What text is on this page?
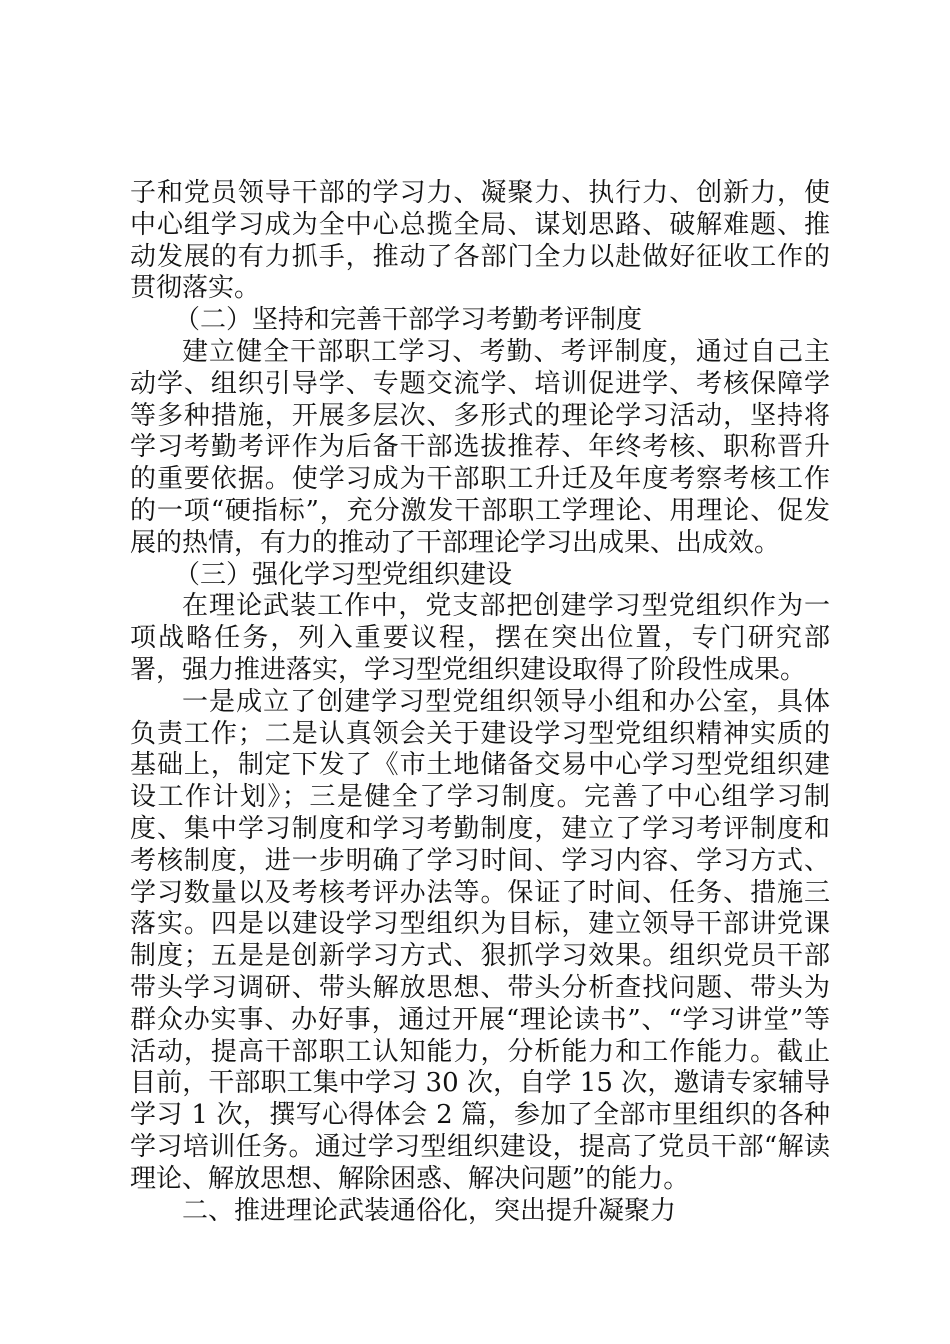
子和党员领导干部的学习力、凝聚力、执行力、创新力，使中心组学习成为全中心总揽全局、谋划思路、破解难题、推动发展的有力抓手，推动了各部门全力以赴做好征收工作的贯彻落实。

（二）坚持和完善干部学习考勤考评制度

建立健全干部职工学习、考勤、考评制度，通过自己主动学、组织引导学、专题交流学、培训促进学、考核保障学等多种措施，开展多层次、多形式的理论学习活动，坚持将学习考勤考评作为后备干部选拔推荐、年终考核、职称晋升的重要依据。使学习成为干部职工升迁及年度考察考核工作的一项“硬指标”，充分激发干部职工学理论、用理论、促发展的热情，有力的推动了干部理论学习出成果、出成效。

（三）强化学习型党组织建设

在理论武装工作中，党支部把创建学习型党组织作为一项战略任务，列入重要议程，摆在突出位置，专门研究部署，强力推进落实，学习型党组织建设取得了阶段性成果。

一是成立了创建学习型党组织领导小组和办公室，具体负责工作；二是认真领会关于建设学习型党组织精神实质的基础上，制定下发了《市土地储备交易中心学习型党组织建设工作计划》；三是健全了学习制度。完善了中心组学习制度、集中学习制度和学习考勤制度，建立了学习考评制度和考核制度，进一步明确了学习时间、学习内容、学习方式、学习数量以及考核考评办法等。保证了时间、任务、措施三落实。四是以建设学习型组织为目标，建立领导干部讲党课制度；五是是创新学习方式、狠抓学习效果。组织党员干部带头学习调研、带头解放思想、带头分析查找问题、带头为群众办实事、办好事，通过开展“理论读书”、“学习讲堂”等活动，提高干部职工认知能力，分析能力和工作能力。截止目前，干部职工集中学习 30 次，自学 15 次，邀请专家辅导学习 1 次，撰写心得体会 2 篇，参加了全部市里组织的各种学习培训任务。通过学习型组织建设，提高了党员干部“解读理论、解放思想、解除困惑、解决问题”的能力。

二、推进理论武装通俗化，突出提升凝聚力
